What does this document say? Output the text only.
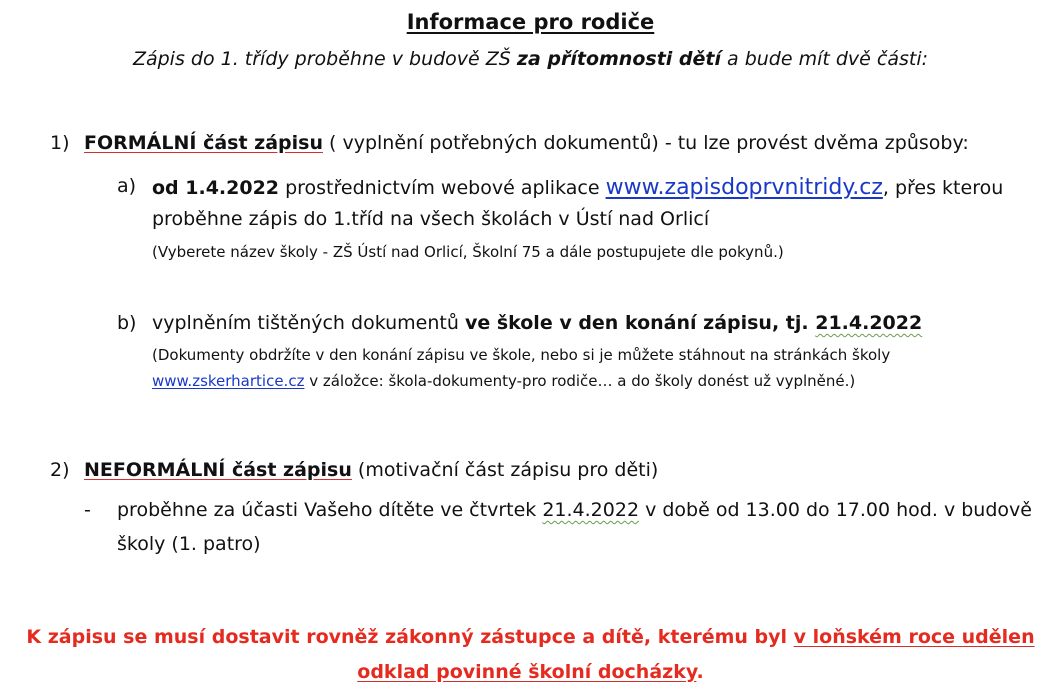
Informace pro rodiče
Zápis do 1. třídy proběhne v budově ZŠ za přítomnosti dětí a bude mít dvě části:
1) FORMÁLNÍ část zápisu ( vyplnění potřebných dokumentů) - tu lze provést dvěma způsoby:
a) od 1.4.2022 prostřednictvím webové aplikace www.zapisdoprvnitridy.cz, přes kterou
proběhne zápis do 1.tříd na všech školách v Ústí nad Orlicí
(Vyberete název školy - ZŠ Ústí nad Orlicí, Školní 75 a dále postupujete dle pokynů.)
b) vyplněním tištěných dokumentů ve škole v den konání zápisu, tj. 21.4.2022
(Dokumenty obdržíte v den konání zápisu ve škole, nebo si je můžete stáhnout na stránkách školy
www.zskerhartice.cz v záložce: škola-dokumenty-pro rodiče… a do školy donést už vyplněné.)
2) NEFORMÁLNÍ část zápisu (motivační část zápisu pro děti)
- proběhne za účasti Vašeho dítěte ve čtvrtek 21.4.2022 v době od 13.00 do 17.00 hod. v budově
školy (1. patro)
K zápisu se musí dostavit rovněž zákonný zástupce a dítě, kterému byl v loňském roce udělen
odklad povinné školní docházky.
